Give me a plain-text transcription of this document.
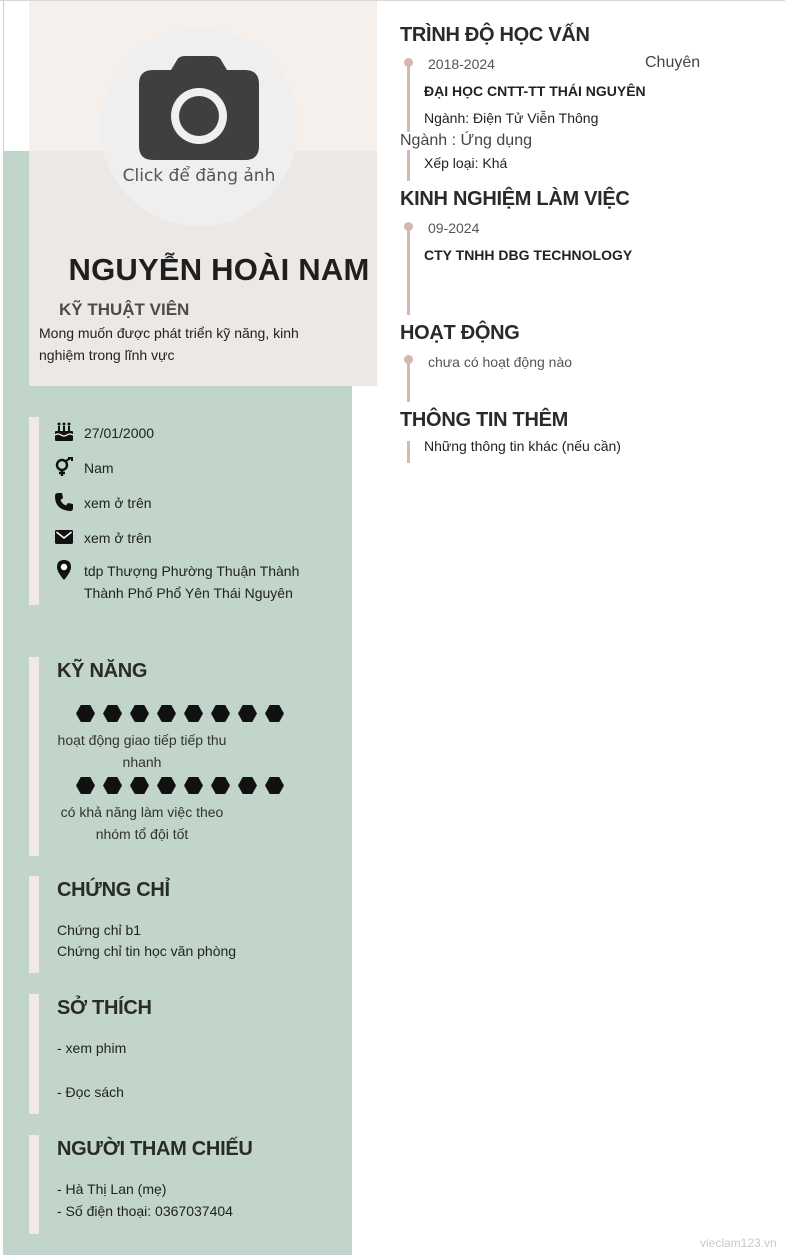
Click để đăng ảnh
NGUYỄN HOÀI NAM
KỸ THUẬT VIÊN
Mong muốn được phát triển kỹ năng, kinh nghiệm trong lĩnh vực
27/01/2000
Nam
xem ở trên
xem ở trên
tdp Thượng Phường Thuận Thành Thành Phố Phổ Yên Thái Nguyên
KỸ NĂNG
hoạt động giao tiếp tiếp thu nhanh
có khả năng làm việc theo nhóm tổ đội tốt
CHỨNG CHỈ
Chứng chỉ b1
Chứng chỉ tin học văn phòng
SỞ THÍCH
- xem phim
- Đọc sách
NGƯỜI THAM CHIẾU
- Hà Thị Lan (mẹ)
- Số điện thoại: 0367037404
TRÌNH ĐỘ HỌC VẤN
2018-2024	Chuyên
ĐẠI HỌC CNTT-TT THÁI NGUYÊN
Ngành: Điện Tử Viễn Thông
Ngành : Ứng dụng
Xếp loại: Khá
KINH NGHIỆM LÀM VIỆC
09-2024
CTY TNHH DBG TECHNOLOGY
HOẠT ĐỘNG
chưa có hoạt động nào
THÔNG TIN THÊM
Những thông tin khác (nếu cần)
vieclam123.vn
